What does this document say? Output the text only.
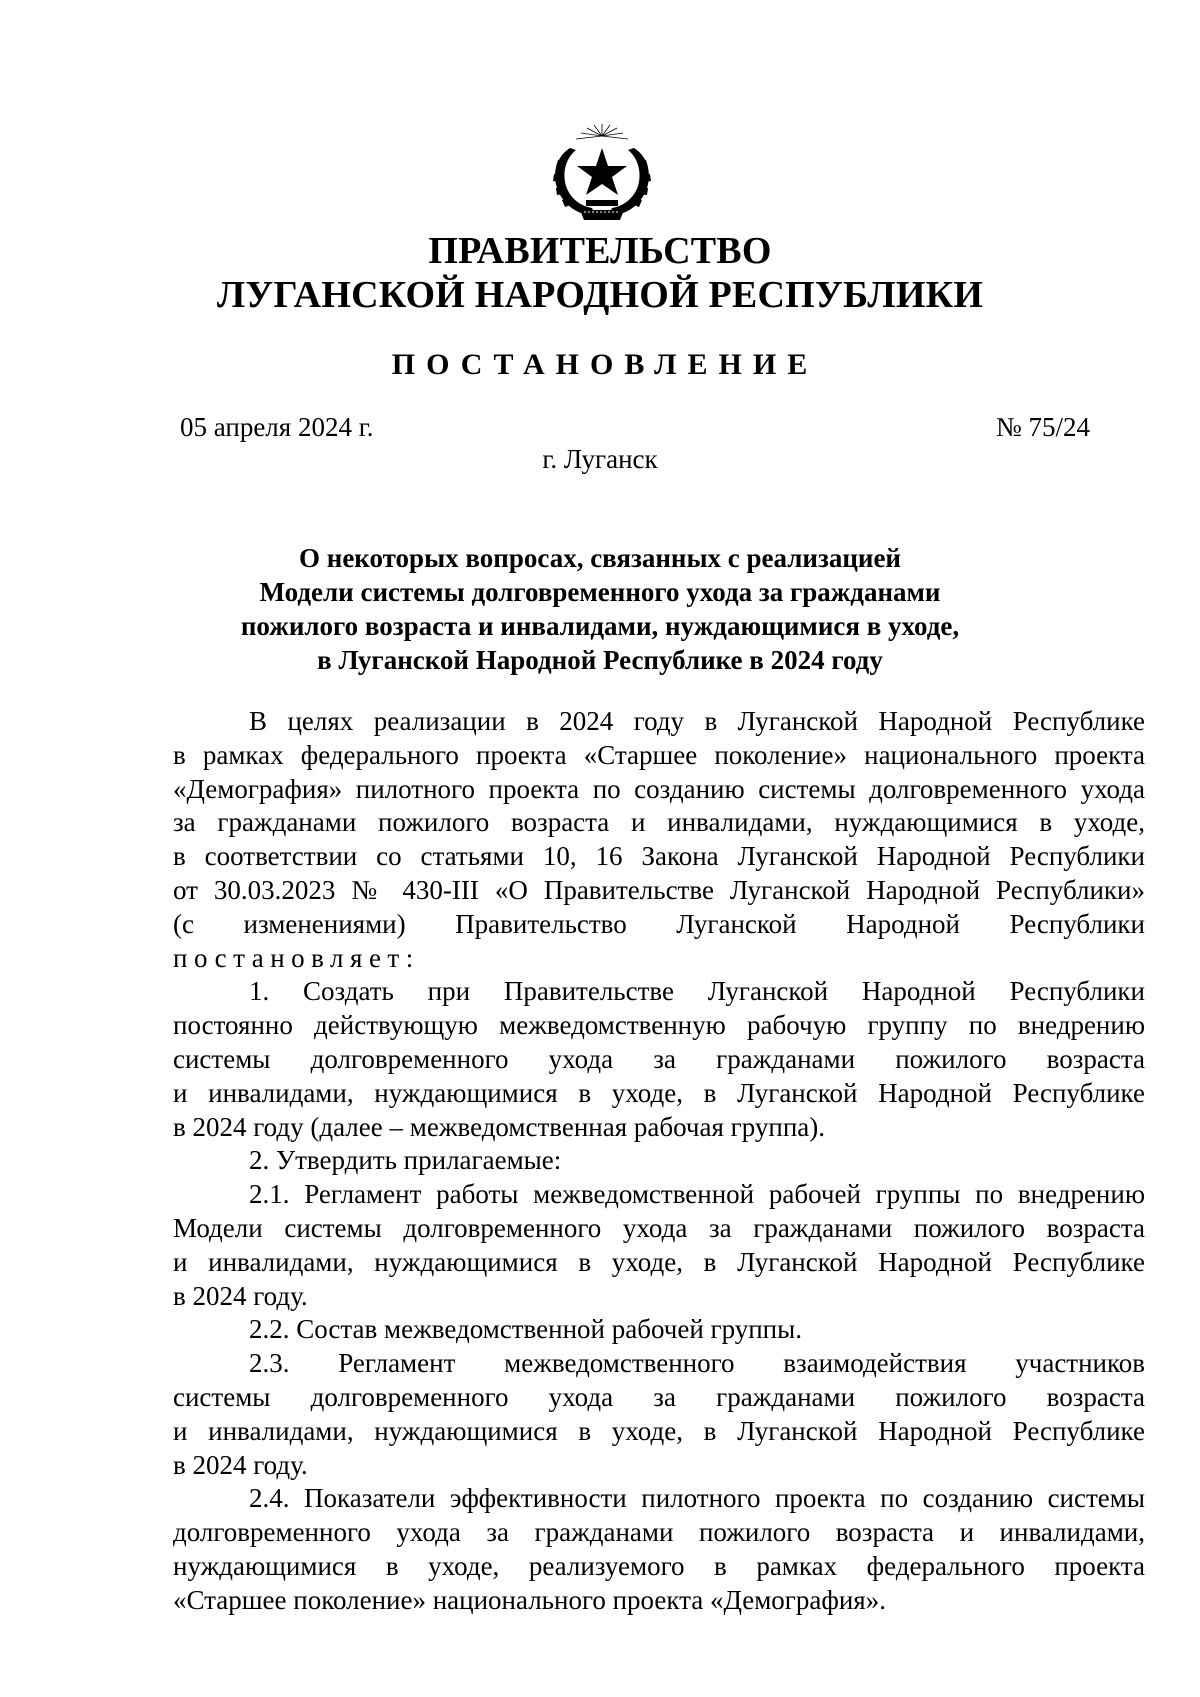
ПРАВИТЕЛЬСТВО
ЛУГАНСКОЙ НАРОДНОЙ РЕСПУБЛИКИ
ПОСТАНОВЛЕНИЕ
05 апреля 2024 г.	№ 75/24
г. Луганск
О некоторых вопросах, связанных с реализацией
Модели системы долговременного ухода за гражданами
пожилого возраста и инвалидами, нуждающимися в уходе,
в Луганской Народной Республике в 2024 году
В целях реализации в 2024 году в Луганской Народной Республике
в рамках федерального проекта «Старшее поколение» национального проекта
«Демография» пилотного проекта по созданию системы долговременного ухода
за гражданами пожилого возраста и инвалидами, нуждающимися в уходе,
в соответствии со статьями 10, 16 Закона Луганской Народной Республики
от 30.03.2023 № 430-III «О Правительстве Луганской Народной Республики»
(с изменениями) Правительство Луганской Народной Республики
постановляет:
1. Создать при Правительстве Луганской Народной Республики
постоянно действующую межведомственную рабочую группу по внедрению
системы долговременного ухода за гражданами пожилого возраста
и инвалидами, нуждающимися в уходе, в Луганской Народной Республике
в 2024 году (далее – межведомственная рабочая группа).
2. Утвердить прилагаемые:
2.1. Регламент работы межведомственной рабочей группы по внедрению
Модели системы долговременного ухода за гражданами пожилого возраста
и инвалидами, нуждающимися в уходе, в Луганской Народной Республике
в 2024 году.
2.2. Состав межведомственной рабочей группы.
2.3. Регламент межведомственного взаимодействия участников
системы долговременного ухода за гражданами пожилого возраста
и инвалидами, нуждающимися в уходе, в Луганской Народной Республике
в 2024 году.
2.4. Показатели эффективности пилотного проекта по созданию системы
долговременного ухода за гражданами пожилого возраста и инвалидами,
нуждающимися в уходе, реализуемого в рамках федерального проекта
«Старшее поколение» национального проекта «Демография».
